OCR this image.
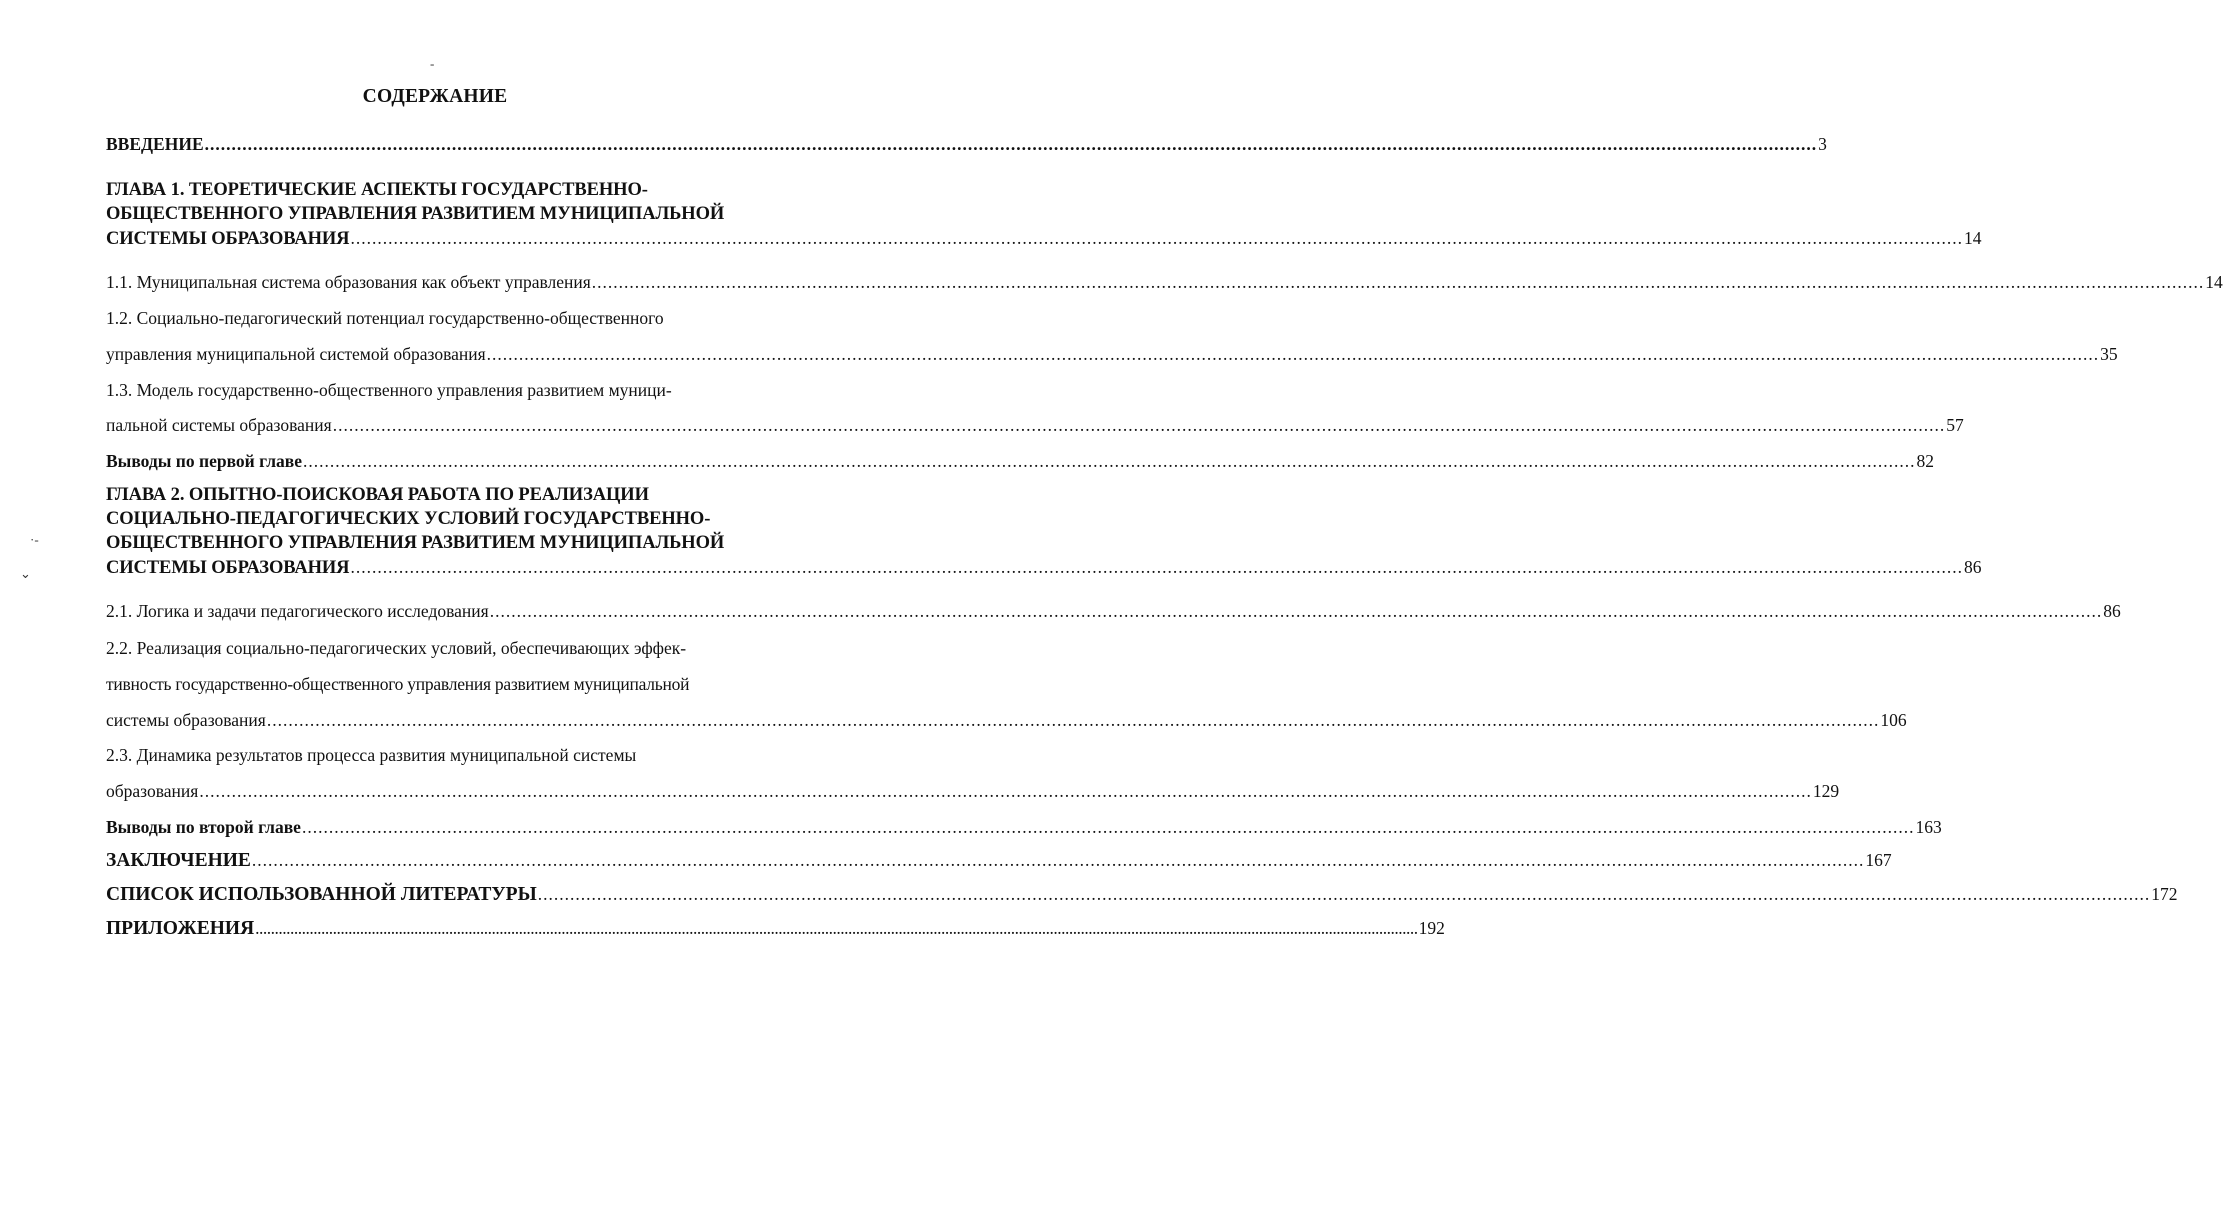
-
·-
⌄
СОДЕРЖАНИЕ
ВВЕДЕНИЕ ............................................................................................................................................................................................................................................................................................................ 3
ГЛАВА 1. ТЕОРЕТИЧЕСКИЕ АСПЕКТЫ ГОСУДАРСТВЕННО-
ОБЩЕСТВЕННОГО УПРАВЛЕНИЯ РАЗВИТИЕМ МУНИЦИПАЛЬНОЙ
СИСТЕМЫ ОБРАЗОВАНИЯ ............................................................................................................................................................................................................................................................................................................ 14
1.1. Муниципальная система образования как объект управления ............................................................................................................................................................................................................................................................................................................ 14
1.2. Социально-педагогический потенциал государственно-общественного
управления муниципальной системой образования ............................................................................................................................................................................................................................................................................................................ 35
1.3. Модель государственно-общественного управления развитием муници-
пальной системы образования ............................................................................................................................................................................................................................................................................................................ 57
Выводы по первой главе ............................................................................................................................................................................................................................................................................................................ 82
ГЛАВА 2. ОПЫТНО-ПОИСКОВАЯ РАБОТА ПО РЕАЛИЗАЦИИ
СОЦИАЛЬНО-ПЕДАГОГИЧЕСКИХ УСЛОВИЙ ГОСУДАРСТВЕННО-
ОБЩЕСТВЕННОГО УПРАВЛЕНИЯ РАЗВИТИЕМ МУНИЦИПАЛЬНОЙ
СИСТЕМЫ ОБРАЗОВАНИЯ ............................................................................................................................................................................................................................................................................................................ 86
2.1. Логика и задачи педагогического исследования ............................................................................................................................................................................................................................................................................................................ 86
2.2. Реализация социально-педагогических условий, обеспечивающих эффек-
тивность государственно-общественного управления развитием муниципальной
системы образования ............................................................................................................................................................................................................................................................................................................ 106
2.3. Динамика результатов процесса развития муниципальной системы
образования ............................................................................................................................................................................................................................................................................................................ 129
Выводы по второй главе ............................................................................................................................................................................................................................................................................................................ 163
ЗАКЛЮЧЕНИЕ ............................................................................................................................................................................................................................................................................................................ 167
СПИСОК ИСПОЛЬЗОВАННОЙ ЛИТЕРАТУРЫ ............................................................................................................................................................................................................................................................................................................ 172
ПРИЛОЖЕНИЯ ............................................................................................................................................................................................................................................................................................................ 192
